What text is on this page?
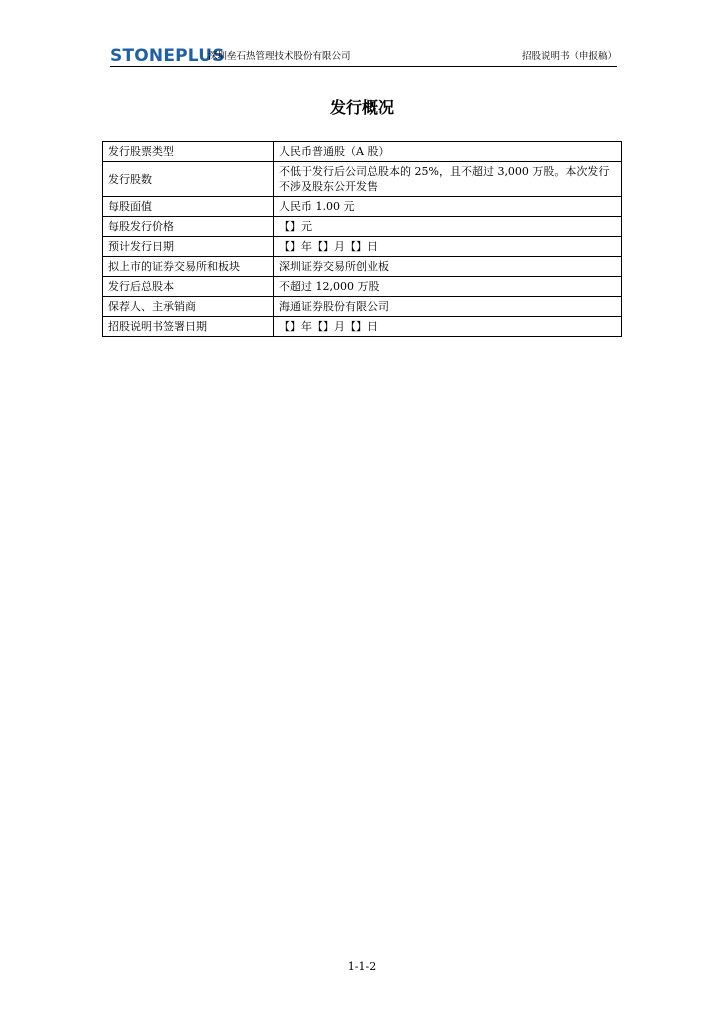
STONEPLUS
深圳垒石热管理技术股份有限公司	招股说明书（申报稿）
发行概况
发行股票类型	人民币普通股（A 股）
发行股数	不低于发行后公司总股本的 25%，且不超过 3,000 万股。本次发行不涉及股东公开发售
每股面值	人民币 1.00 元
每股发行价格	【】元
预计发行日期	【】年【】月【】日
拟上市的证券交易所和板块	深圳证券交易所创业板
发行后总股本	不超过 12,000 万股
保荐人、主承销商	海通证券股份有限公司
招股说明书签署日期	【】年【】月【】日
1-1-2
